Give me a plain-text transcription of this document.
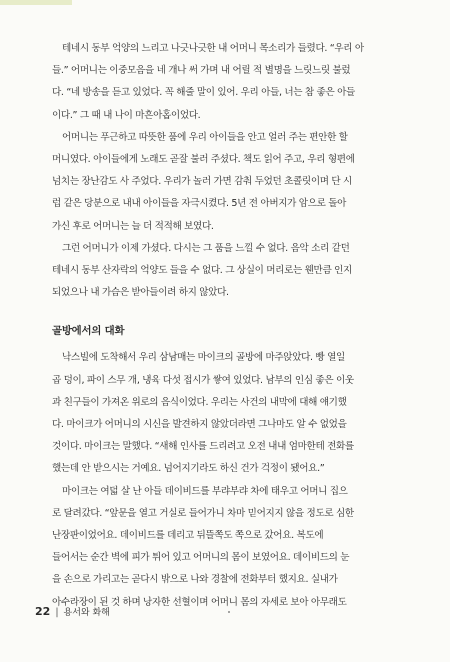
테네시 동부 억양의 느리고 나긋나긋한 내 어머니 목소리가 들렸다. “우리 아
들.” 어머니는 이중모음을 네 개나 써 가며 내 어릴 적 별명을 느릿느릿 불렀
다. “네 방송을 듣고 있었다. 꼭 해줄 말이 있어. 우리 아들, 너는 참 좋은 아들
이다.” 그 때 내 나이 마흔아홉이었다.
어머니는 푸근하고 따뜻한 품에 우리 아이들을 안고 얼러 주는 편안한 할
머니였다. 아이들에게 노래도 곧잘 불러 주셨다. 책도 읽어 주고, 우리 형편에
넘치는 장난감도 사 주었다. 우리가 놀러 가면 감춰 두었던 초콜릿이며 단 시
럽 같은 당분으로 내내 아이들을 자극시켰다. 5년 전 아버지가 암으로 돌아
가신 후로 어머니는 늘 더 적적해 보였다.
그런 어머니가 이제 가셨다. 다시는 그 품을 느낄 수 없다. 음악 소리 같던
테네시 동부 산자락의 억양도 들을 수 없다. 그 상실이 머리로는 웬만큼 인지
되었으나 내 가슴은 받아들이려 하지 않았다.
골방에서의 대화
낙스빌에 도착해서 우리 삼남매는 마이크의 골방에 마주앉았다. 빵 열일
곱 덩이, 파이 스무 개, 냉육 다섯 접시가 쌓여 있었다. 남부의 인심 좋은 이웃
과 친구들이 가져온 위로의 음식이었다. 우리는 사건의 내막에 대해 얘기했
다. 마이크가 어머니의 시신을 발견하지 않았더라면 그나마도 알 수 없었을
것이다. 마이크는 말했다. “새해 인사를 드리려고 오전 내내 엄마한테 전화를
했는데 안 받으시는 거예요. 넘어지기라도 하신 건가 걱정이 됐어요.”
마이크는 여덟 살 난 아들 데이비드를 부랴부랴 차에 태우고 어머니 집으
로 달려갔다. “앞문을 열고 거실로 들어가니 차마 믿어지지 않을 정도로 심한
난장판이었어요. 데이비드를 데리고 뒤뜰쪽도 쪽으로 갔어요. 복도에
들어서는 순간 벽에 피가 튀어 있고 어머니의 몸이 보였어요. 데이비드의 눈
을 손으로 가리고는 곧다시 밖으로 나와 경찰에 전화부터 했지요. 실내가
아수라장이 된 것 하며 낭자한 선혈이며 어머니 몸의 자세로 보아 아무래도
22 | 용서와 화해
